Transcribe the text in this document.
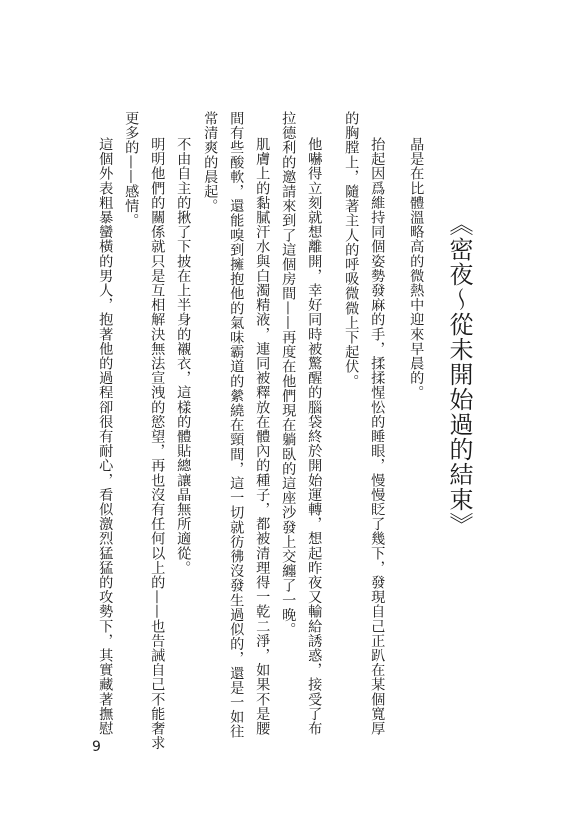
《密夜～從未開始過的結束》
晶是在比體溫略高的微熱中迎來早晨的。
抬起因爲維持同個姿勢發麻的手，揉揉惺忪的睡眼，慢慢眨了幾下，發現自己正趴在某個寬厚
的胸膛上，隨著主人的呼吸微微上下起伏。
他嚇得立刻就想離開，幸好同時被驚醒的腦袋終於開始運轉，想起昨夜又輸給誘惑，接受了布
拉德利的邀請來到了這個房間——再度在他們現在躺臥的這座沙發上交纏了一晚。
肌膚上的黏膩汗水與白濁精液，連同被釋放在體內的種子，都被清理得一乾二淨，如果不是腰
間有些酸軟，還能嗅到擁抱他的氣味霸道的縈繞在頸間，這一切就彷彿沒發生過似的，還是一如往
常清爽的晨起。
不由自主的揪了下披在上半身的襯衣，這樣的體貼總讓晶無所適從。
明明他們的關係就只是互相解決無法宣洩的慾望，再也沒有任何以上的——也告誡自己不能奢求
更多的——感情。
這個外表粗暴蠻橫的男人，抱著他的過程卻很有耐心，看似激烈猛猛的攻勢下，其實藏著撫慰
9
